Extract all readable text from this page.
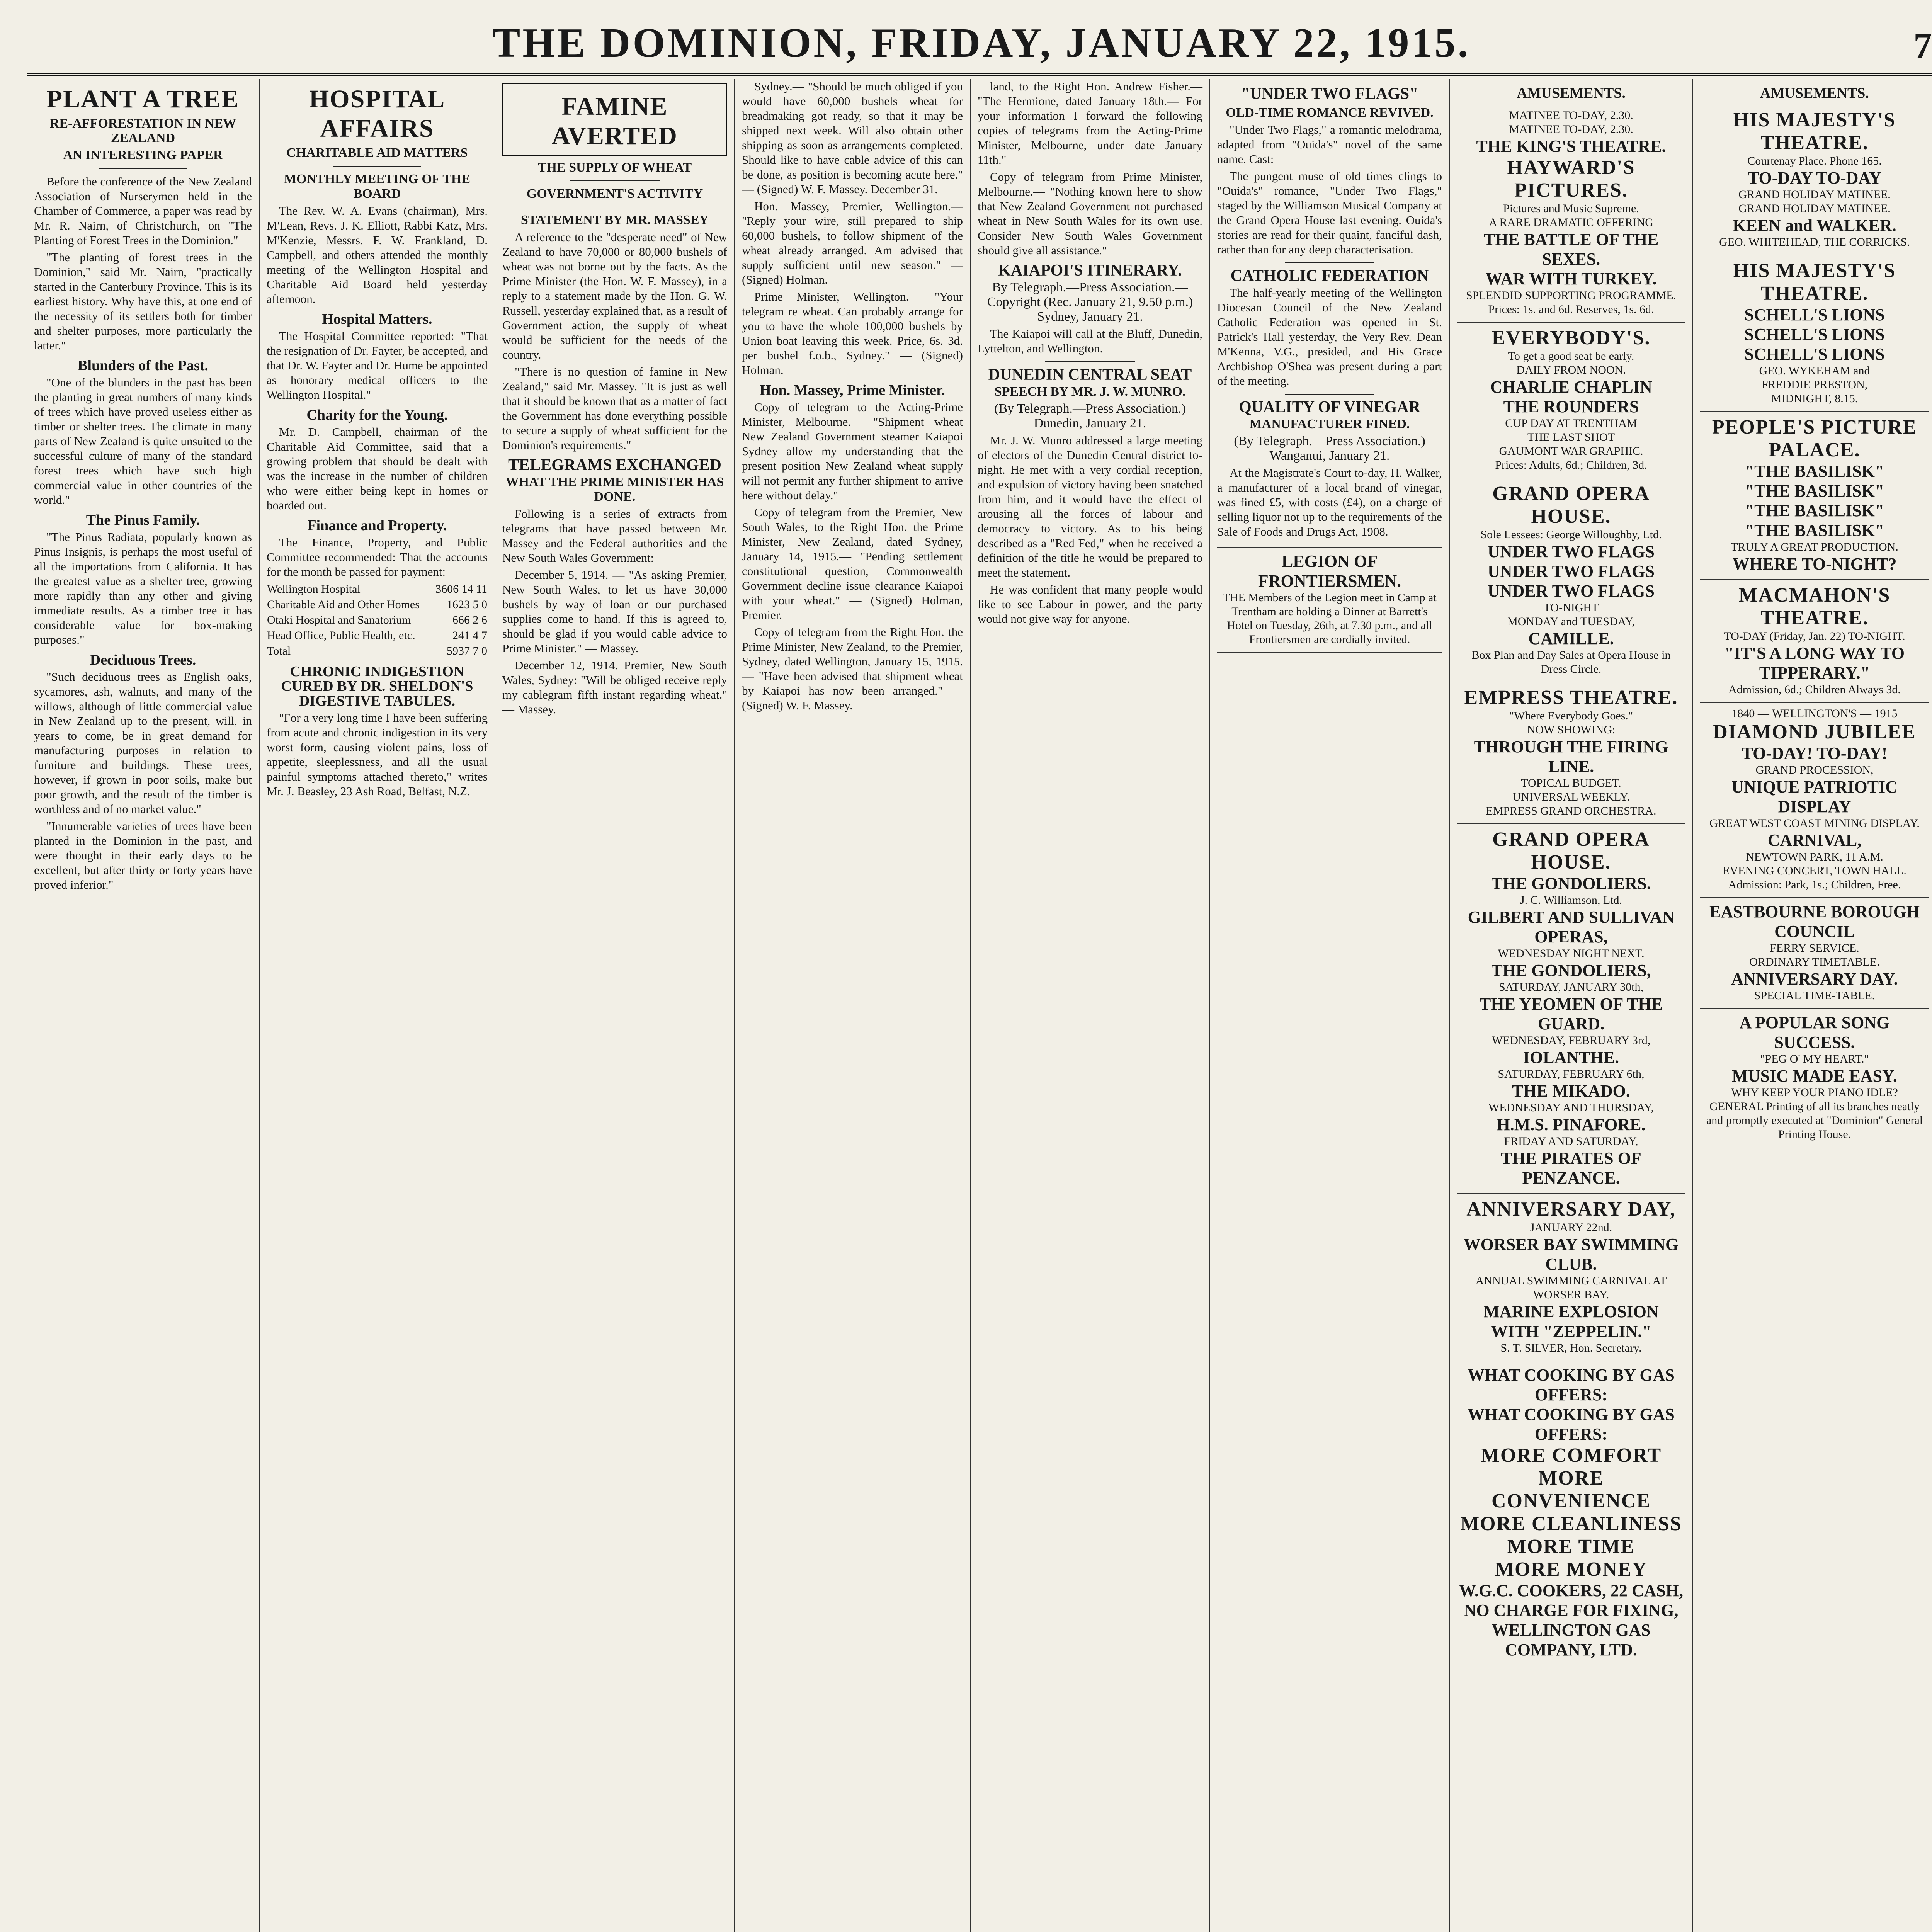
THE DOMINION, FRIDAY, JANUARY 22, 1915.	7
PLANT A TREE
RE-AFFORESTATION IN NEW ZEALAND
AN INTERESTING PAPER

Before the conference of the New Zealand Association of Nurserymen held in the Chamber of Commerce, a paper was read by Mr. R. Nairn, of Christchurch, on "The Planting of Forest Trees in the Dominion."

"The planting of forest trees in the Dominion," said Mr. Nairn, "practically started in the Canterbury Province. This is its earliest history. Why have this, at one end of the necessity of its settlers both for timber and shelter purposes, more particularly the latter."

Blunders of the Past.

"One of the blunders in the past has been the planting in great numbers of many kinds of trees which have proved useless either as timber or shelter trees. The climate in many parts of New Zealand is quite unsuited to the successful culture of many of the standard forest trees which have such high commercial value in other countries of the world."

The Pinus Family.

"The Pinus Radiata, popularly known as Pinus Insignis, is perhaps the most useful of all the importations from California. It has the greatest value as a shelter tree, growing more rapidly than any other and giving immediate results. As a timber tree it has considerable value for box-making purposes."

Deciduous Trees.

"Such deciduous trees as English oaks, sycamores, ash, walnuts, and many of the willows, although of little commercial value in New Zealand up to the present, will, in years to come, be in great demand for manufacturing purposes in relation to furniture and buildings. These trees, however, if grown in poor soils, make but poor growth, and the result of the timber is worthless and of no market value."

"Innumerable varieties of trees have been planted in the Dominion in the past, and were thought in their early days to be excellent, but after thirty or forty years have proved inferior."

HOSPITAL AFFAIRS
CHARITABLE AID MATTERS
MONTHLY MEETING OF THE BOARD

The Rev. W. A. Evans (chairman), Mrs. M'Lean, Revs. J. K. Elliott, Rabbi Katz, Mrs. M'Kenzie, Messrs. F. W. Frankland, D. Campbell, and others attended the monthly meeting of the Wellington Hospital and Charitable Aid Board held yesterday afternoon.

Hospital Matters.

The Hospital Committee reported: "That the resignation of Dr. Fayter, be accepted, and that Dr. W. Fayter and Dr. Hume be appointed as honorary medical officers to the Wellington Hospital."

Charity for the Young.

Mr. D. Campbell, chairman of the Charitable Aid Committee, said that a growing problem that should be dealt with was the increase in the number of children who were either being kept in homes or boarded out.

Finance and Property.

The Finance, Property, and Public Committee recommended: That the accounts for the month be passed for payment:

Wellington Hospital	3606 14 11
Charitable Aid and Other Homes	1623 5 0
Otaki Hospital and Sanatorium	666 2 6
Head Office, Public Health, etc.	241 4 7
Total	5937 7 0
CHRONIC INDIGESTION CURED BY DR. SHELDON'S DIGESTIVE TABULES.

"For a very long time I have been suffering from acute and chronic indigestion in its very worst form, causing violent pains, loss of appetite, sleeplessness, and all the usual painful symptoms attached thereto," writes Mr. J. Beasley, 23 Ash Road, Belfast, N.Z.

FAMINE AVERTED
THE SUPPLY OF WHEAT
GOVERNMENT'S ACTIVITY
STATEMENT BY MR. MASSEY

A reference to the "desperate need" of New Zealand to have 70,000 or 80,000 bushels of wheat was not borne out by the facts. As the Prime Minister (the Hon. W. F. Massey), in a reply to a statement made by the Hon. G. W. Russell, yesterday explained that, as a result of Government action, the supply of wheat would be sufficient for the needs of the country.

"There is no question of famine in New Zealand," said Mr. Massey. "It is just as well that it should be known that as a matter of fact the Government has done everything possible to secure a supply of wheat sufficient for the Dominion's requirements."

TELEGRAMS EXCHANGED
WHAT THE PRIME MINISTER HAS DONE.

Following is a series of extracts from telegrams that have passed between Mr. Massey and the Federal authorities and the New South Wales Government:

December 5, 1914. — "As asking Premier, New South Wales, to let us have 30,000 bushels by way of loan or our purchased supplies come to hand. If this is agreed to, should be glad if you would cable advice to Prime Minister." — Massey.

December 12, 1914. Premier, New South Wales, Sydney: "Will be obliged receive reply my cablegram fifth instant regarding wheat." — Massey.

Sydney.— "Should be much obliged if you would have 60,000 bushels wheat for breadmaking got ready, so that it may be shipped next week. Will also obtain other shipping as soon as arrangements completed. Should like to have cable advice of this can be done, as position is becoming acute here." — (Signed) W. F. Massey. December 31.

Hon. Massey, Premier, Wellington.— "Reply your wire, still prepared to ship 60,000 bushels, to follow shipment of the wheat already arranged. Am advised that supply sufficient until new season." — (Signed) Holman.

Prime Minister, Wellington.— "Your telegram re wheat. Can probably arrange for you to have the whole 100,000 bushels by Union boat leaving this week. Price, 6s. 3d. per bushel f.o.b., Sydney." — (Signed) Holman.

Hon. Massey, Prime Minister.

Copy of telegram to the Acting-Prime Minister, Melbourne.— "Shipment wheat New Zealand Government steamer Kaiapoi Sydney allow my understanding that the present position New Zealand wheat supply will not permit any further shipment to arrive here without delay."

Copy of telegram from the Premier, New South Wales, to the Right Hon. the Prime Minister, New Zealand, dated Sydney, January 14, 1915.— "Pending settlement constitutional question, Commonwealth Government decline issue clearance Kaiapoi with your wheat." — (Signed) Holman, Premier.

Copy of telegram from the Right Hon. the Prime Minister, New Zealand, to the Premier, Sydney, dated Wellington, January 15, 1915.— "Have been advised that shipment wheat by Kaiapoi has now been arranged." — (Signed) W. F. Massey.

land, to the Right Hon. Andrew Fisher.— "The Hermione, dated January 18th.— For your information I forward the following copies of telegrams from the Acting-Prime Minister, Melbourne, under date January 11th."

Copy of telegram from Prime Minister, Melbourne.— "Nothing known here to show that New Zealand Government not purchased wheat in New South Wales for its own use. Consider New South Wales Government should give all assistance."

KAIAPOI'S ITINERARY.
By Telegraph.—Press Association.—Copyright (Rec. January 21, 9.50 p.m.) Sydney, January 21.

The Kaiapoi will call at the Bluff, Dunedin, Lyttelton, and Wellington.

DUNEDIN CENTRAL SEAT
SPEECH BY MR. J. W. MUNRO.
(By Telegraph.—Press Association.) Dunedin, January 21.

Mr. J. W. Munro addressed a large meeting of electors of the Dunedin Central district to-night. He met with a very cordial reception, and expulsion of victory having been snatched from him, and it would have the effect of arousing all the forces of labour and democracy to victory. As to his being described as a "Red Fed," when he received a definition of the title he would be prepared to meet the statement.

He was confident that many people would like to see Labour in power, and the party would not give way for anyone.

"UNDER TWO FLAGS"
OLD-TIME ROMANCE REVIVED.

"Under Two Flags," a romantic melodrama, adapted from "Ouida's" novel of the same name. Cast:

The pungent muse of old times clings to "Ouida's" romance, "Under Two Flags," staged by the Williamson Musical Company at the Grand Opera House last evening. Ouida's stories are read for their quaint, fanciful dash, rather than for any deep characterisation.

CATHOLIC FEDERATION

The half-yearly meeting of the Wellington Diocesan Council of the New Zealand Catholic Federation was opened in St. Patrick's Hall yesterday, the Very Rev. Dean M'Kenna, V.G., presided, and His Grace Archbishop O'Shea was present during a part of the meeting.

QUALITY OF VINEGAR
MANUFACTURER FINED.
(By Telegraph.—Press Association.) Wanganui, January 21.

At the Magistrate's Court to-day, H. Walker, a manufacturer of a local brand of vinegar, was fined £5, with costs (£4), on a charge of selling liquor not up to the requirements of the Sale of Foods and Drugs Act, 1908.

LEGION OF FRONTIERSMEN.
THE Members of the Legion meet in Camp at Trentham are holding a Dinner at Barrett's Hotel on Tuesday, 26th, at 7.30 p.m., and all Frontiersmen are cordially invited.
AMUSEMENTS.
MATINEE TO-DAY, 2.30.
MATINEE TO-DAY, 2.30.
THE KING'S THEATRE.
HAYWARD'S PICTURES.
Pictures and Music Supreme.
A RARE DRAMATIC OFFERING
THE BATTLE OF THE SEXES.
WAR WITH TURKEY.
SPLENDID SUPPORTING PROGRAMME.
Prices: 1s. and 6d. Reserves, 1s. 6d.
EVERYBODY'S.
To get a good seat be early.
DAILY FROM NOON.
CHARLIE CHAPLIN
THE ROUNDERS
CUP DAY AT TRENTHAM
THE LAST SHOT
GAUMONT WAR GRAPHIC.
Prices: Adults, 6d.; Children, 3d.
GRAND OPERA HOUSE.
Sole Lessees: George Willoughby, Ltd.
UNDER TWO FLAGS
UNDER TWO FLAGS
UNDER TWO FLAGS
TO-NIGHT
MONDAY and TUESDAY,
CAMILLE.
Box Plan and Day Sales at Opera House in Dress Circle.
EMPRESS THEATRE.
"Where Everybody Goes."
NOW SHOWING:
THROUGH THE FIRING LINE.
TOPICAL BUDGET.
UNIVERSAL WEEKLY.
EMPRESS GRAND ORCHESTRA.
GRAND OPERA HOUSE.
THE GONDOLIERS.
J. C. Williamson, Ltd.
GILBERT AND SULLIVAN OPERAS,
WEDNESDAY NIGHT NEXT.
THE GONDOLIERS,
SATURDAY, JANUARY 30th,
THE YEOMEN OF THE GUARD.
WEDNESDAY, FEBRUARY 3rd,
IOLANTHE.
SATURDAY, FEBRUARY 6th,
THE MIKADO.
WEDNESDAY AND THURSDAY,
H.M.S. PINAFORE.
FRIDAY AND SATURDAY,
THE PIRATES OF PENZANCE.
ANNIVERSARY DAY,
JANUARY 22nd.
WORSER BAY SWIMMING CLUB.
ANNUAL SWIMMING CARNIVAL AT WORSER BAY.
MARINE EXPLOSION WITH "ZEPPELIN."
S. T. SILVER, Hon. Secretary.
WHAT COOKING BY GAS OFFERS:
WHAT COOKING BY GAS OFFERS:
MORE COMFORT
MORE CONVENIENCE
MORE CLEANLINESS
MORE TIME
MORE MONEY
W.G.C. COOKERS, 22 CASH,
NO CHARGE FOR FIXING,
WELLINGTON GAS COMPANY, LTD.
AMUSEMENTS.
HIS MAJESTY'S THEATRE.
Courtenay Place. Phone 165.
TO-DAY TO-DAY
GRAND HOLIDAY MATINEE.
GRAND HOLIDAY MATINEE.
KEEN and WALKER.
GEO. WHITEHEAD, THE CORRICKS.
HIS MAJESTY'S THEATRE.
SCHELL'S LIONS
SCHELL'S LIONS
SCHELL'S LIONS
GEO. WYKEHAM and
FREDDIE PRESTON,
MIDNIGHT, 8.15.
PEOPLE'S PICTURE PALACE.
"THE BASILISK"
"THE BASILISK"
"THE BASILISK"
"THE BASILISK"
TRULY A GREAT PRODUCTION.
WHERE TO-NIGHT?
MACMAHON'S THEATRE.
TO-DAY (Friday, Jan. 22) TO-NIGHT.
"IT'S A LONG WAY TO TIPPERARY."
Admission, 6d.; Children Always 3d.
1840 — WELLINGTON'S — 1915
DIAMOND JUBILEE
TO-DAY! TO-DAY!
GRAND PROCESSION,
UNIQUE PATRIOTIC DISPLAY
GREAT WEST COAST MINING DISPLAY.
CARNIVAL,
NEWTOWN PARK, 11 A.M.
EVENING CONCERT, TOWN HALL.
Admission: Park, 1s.; Children, Free.
EASTBOURNE BOROUGH COUNCIL
FERRY SERVICE.
ORDINARY TIMETABLE.
ANNIVERSARY DAY.
SPECIAL TIME-TABLE.
A POPULAR SONG SUCCESS.
"PEG O' MY HEART."
MUSIC MADE EASY.
WHY KEEP YOUR PIANO IDLE?
GENERAL Printing of all its branches neatly and promptly executed at "Dominion" General Printing House.
